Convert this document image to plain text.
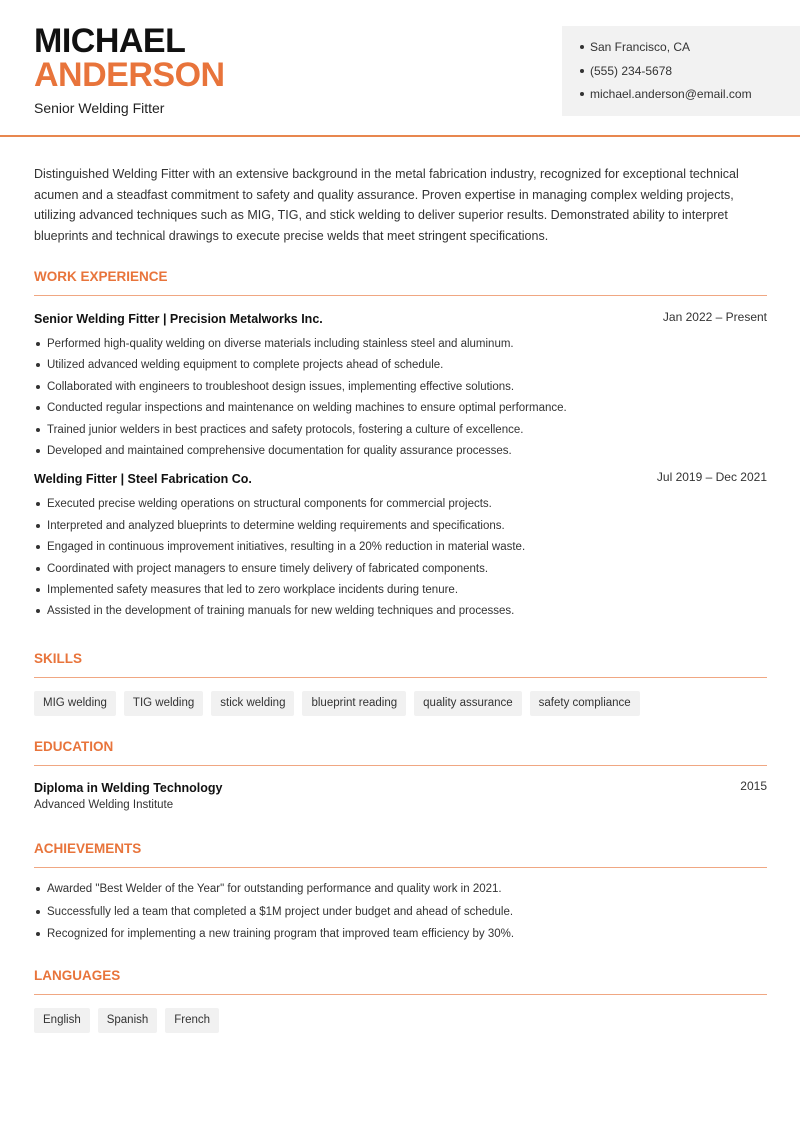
MICHAEL
ANDERSON
Senior Welding Fitter
San Francisco, CA
(555) 234-5678
michael.anderson@email.com
Distinguished Welding Fitter with an extensive background in the metal fabrication industry, recognized for exceptional technical acumen and a steadfast commitment to safety and quality assurance. Proven expertise in managing complex welding projects, utilizing advanced techniques such as MIG, TIG, and stick welding to deliver superior results. Demonstrated ability to interpret blueprints and technical drawings to execute precise welds that meet stringent specifications.
WORK EXPERIENCE
Senior Welding Fitter | Precision Metalworks Inc.	Jan 2022 – Present
Performed high-quality welding on diverse materials including stainless steel and aluminum.
Utilized advanced welding equipment to complete projects ahead of schedule.
Collaborated with engineers to troubleshoot design issues, implementing effective solutions.
Conducted regular inspections and maintenance on welding machines to ensure optimal performance.
Trained junior welders in best practices and safety protocols, fostering a culture of excellence.
Developed and maintained comprehensive documentation for quality assurance processes.
Welding Fitter | Steel Fabrication Co.	Jul 2019 – Dec 2021
Executed precise welding operations on structural components for commercial projects.
Interpreted and analyzed blueprints to determine welding requirements and specifications.
Engaged in continuous improvement initiatives, resulting in a 20% reduction in material waste.
Coordinated with project managers to ensure timely delivery of fabricated components.
Implemented safety measures that led to zero workplace incidents during tenure.
Assisted in the development of training manuals for new welding techniques and processes.
SKILLS
MIG welding	TIG welding	stick welding	blueprint reading	quality assurance	safety compliance
EDUCATION
Diploma in Welding Technology	2015
Advanced Welding Institute
ACHIEVEMENTS
Awarded "Best Welder of the Year" for outstanding performance and quality work in 2021.
Successfully led a team that completed a $1M project under budget and ahead of schedule.
Recognized for implementing a new training program that improved team efficiency by 30%.
LANGUAGES
English	Spanish	French
